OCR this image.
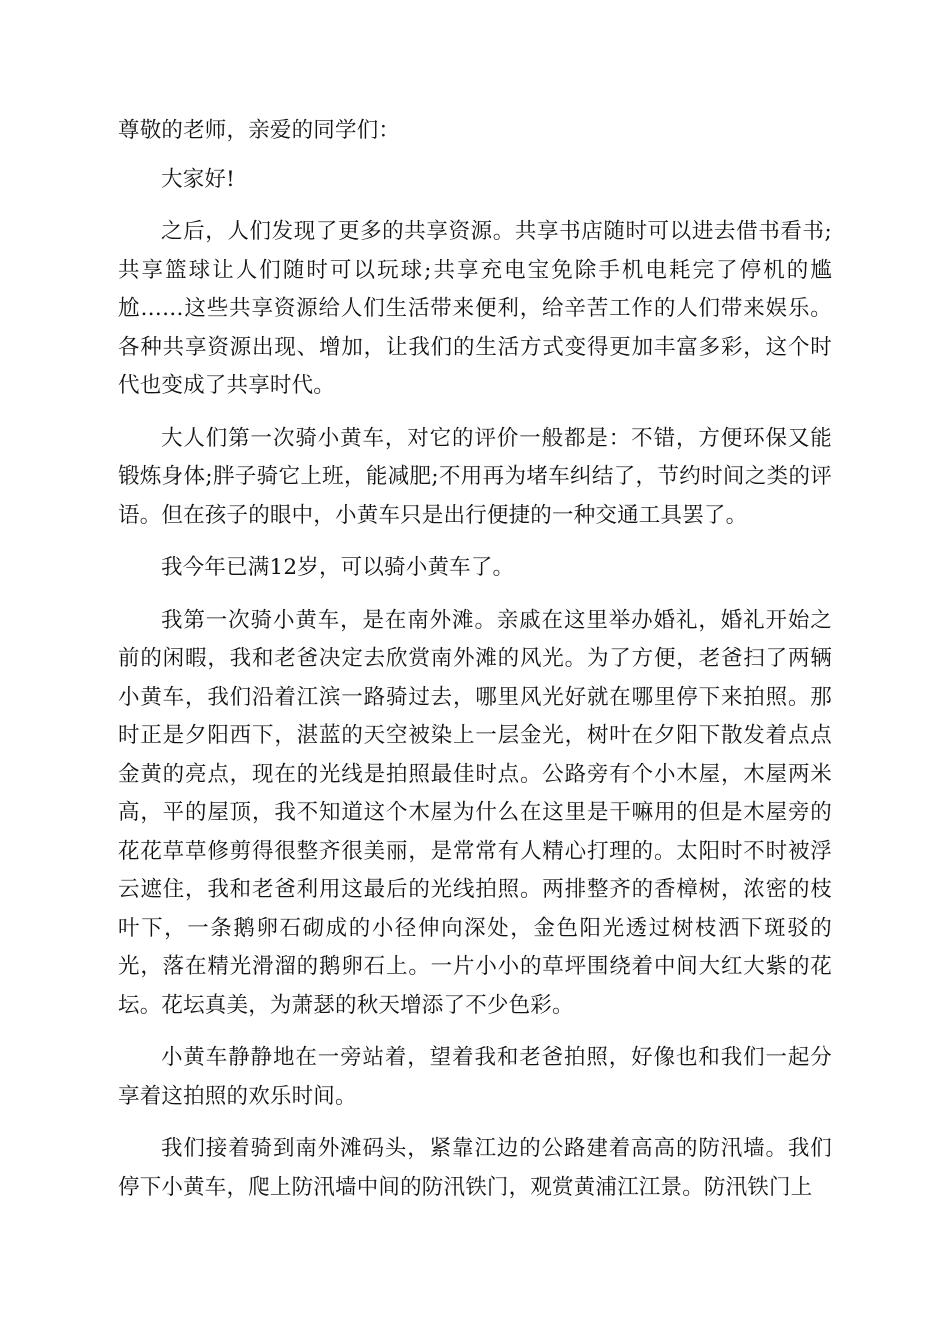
尊敬的老师，亲爱的同学们：

大家好!

之后，人们发现了更多的共享资源。共享书店随时可以进去借书看书;共享篮球让人们随时可以玩球;共享充电宝免除手机电耗完了停机的尴尬……这些共享资源给人们生活带来便利，给辛苦工作的人们带来娱乐。各种共享资源出现、增加，让我们的生活方式变得更加丰富多彩，这个时代也变成了共享时代。

大人们第一次骑小黄车，对它的评价一般都是：不错，方便环保又能锻炼身体;胖子骑它上班，能减肥;不用再为堵车纠结了，节约时间之类的评语。但在孩子的眼中，小黄车只是出行便捷的一种交通工具罢了。

我今年已满12岁，可以骑小黄车了。

我第一次骑小黄车，是在南外滩。亲戚在这里举办婚礼，婚礼开始之前的闲暇，我和老爸决定去欣赏南外滩的风光。为了方便，老爸扫了两辆小黄车，我们沿着江滨一路骑过去，哪里风光好就在哪里停下来拍照。那时正是夕阳西下，湛蓝的天空被染上一层金光，树叶在夕阳下散发着点点金黄的亮点，现在的光线是拍照最佳时点。公路旁有个小木屋，木屋两米高，平的屋顶，我不知道这个木屋为什么在这里是干嘛用的但是木屋旁的花花草草修剪得很整齐很美丽，是常常有人精心打理的。太阳时不时被浮云遮住，我和老爸利用这最后的光线拍照。两排整齐的香樟树，浓密的枝叶下，一条鹅卵石砌成的小径伸向深处，金色阳光透过树枝洒下斑驳的光，落在精光滑溜的鹅卵石上。一片小小的草坪围绕着中间大红大紫的花坛。花坛真美，为萧瑟的秋天增添了不少色彩。

小黄车静静地在一旁站着，望着我和老爸拍照，好像也和我们一起分享着这拍照的欢乐时间。

我们接着骑到南外滩码头，紧靠江边的公路建着高高的防汛墙。我们停下小黄车，爬上防汛墙中间的防汛铁门，观赏黄浦江江景。防汛铁门上
